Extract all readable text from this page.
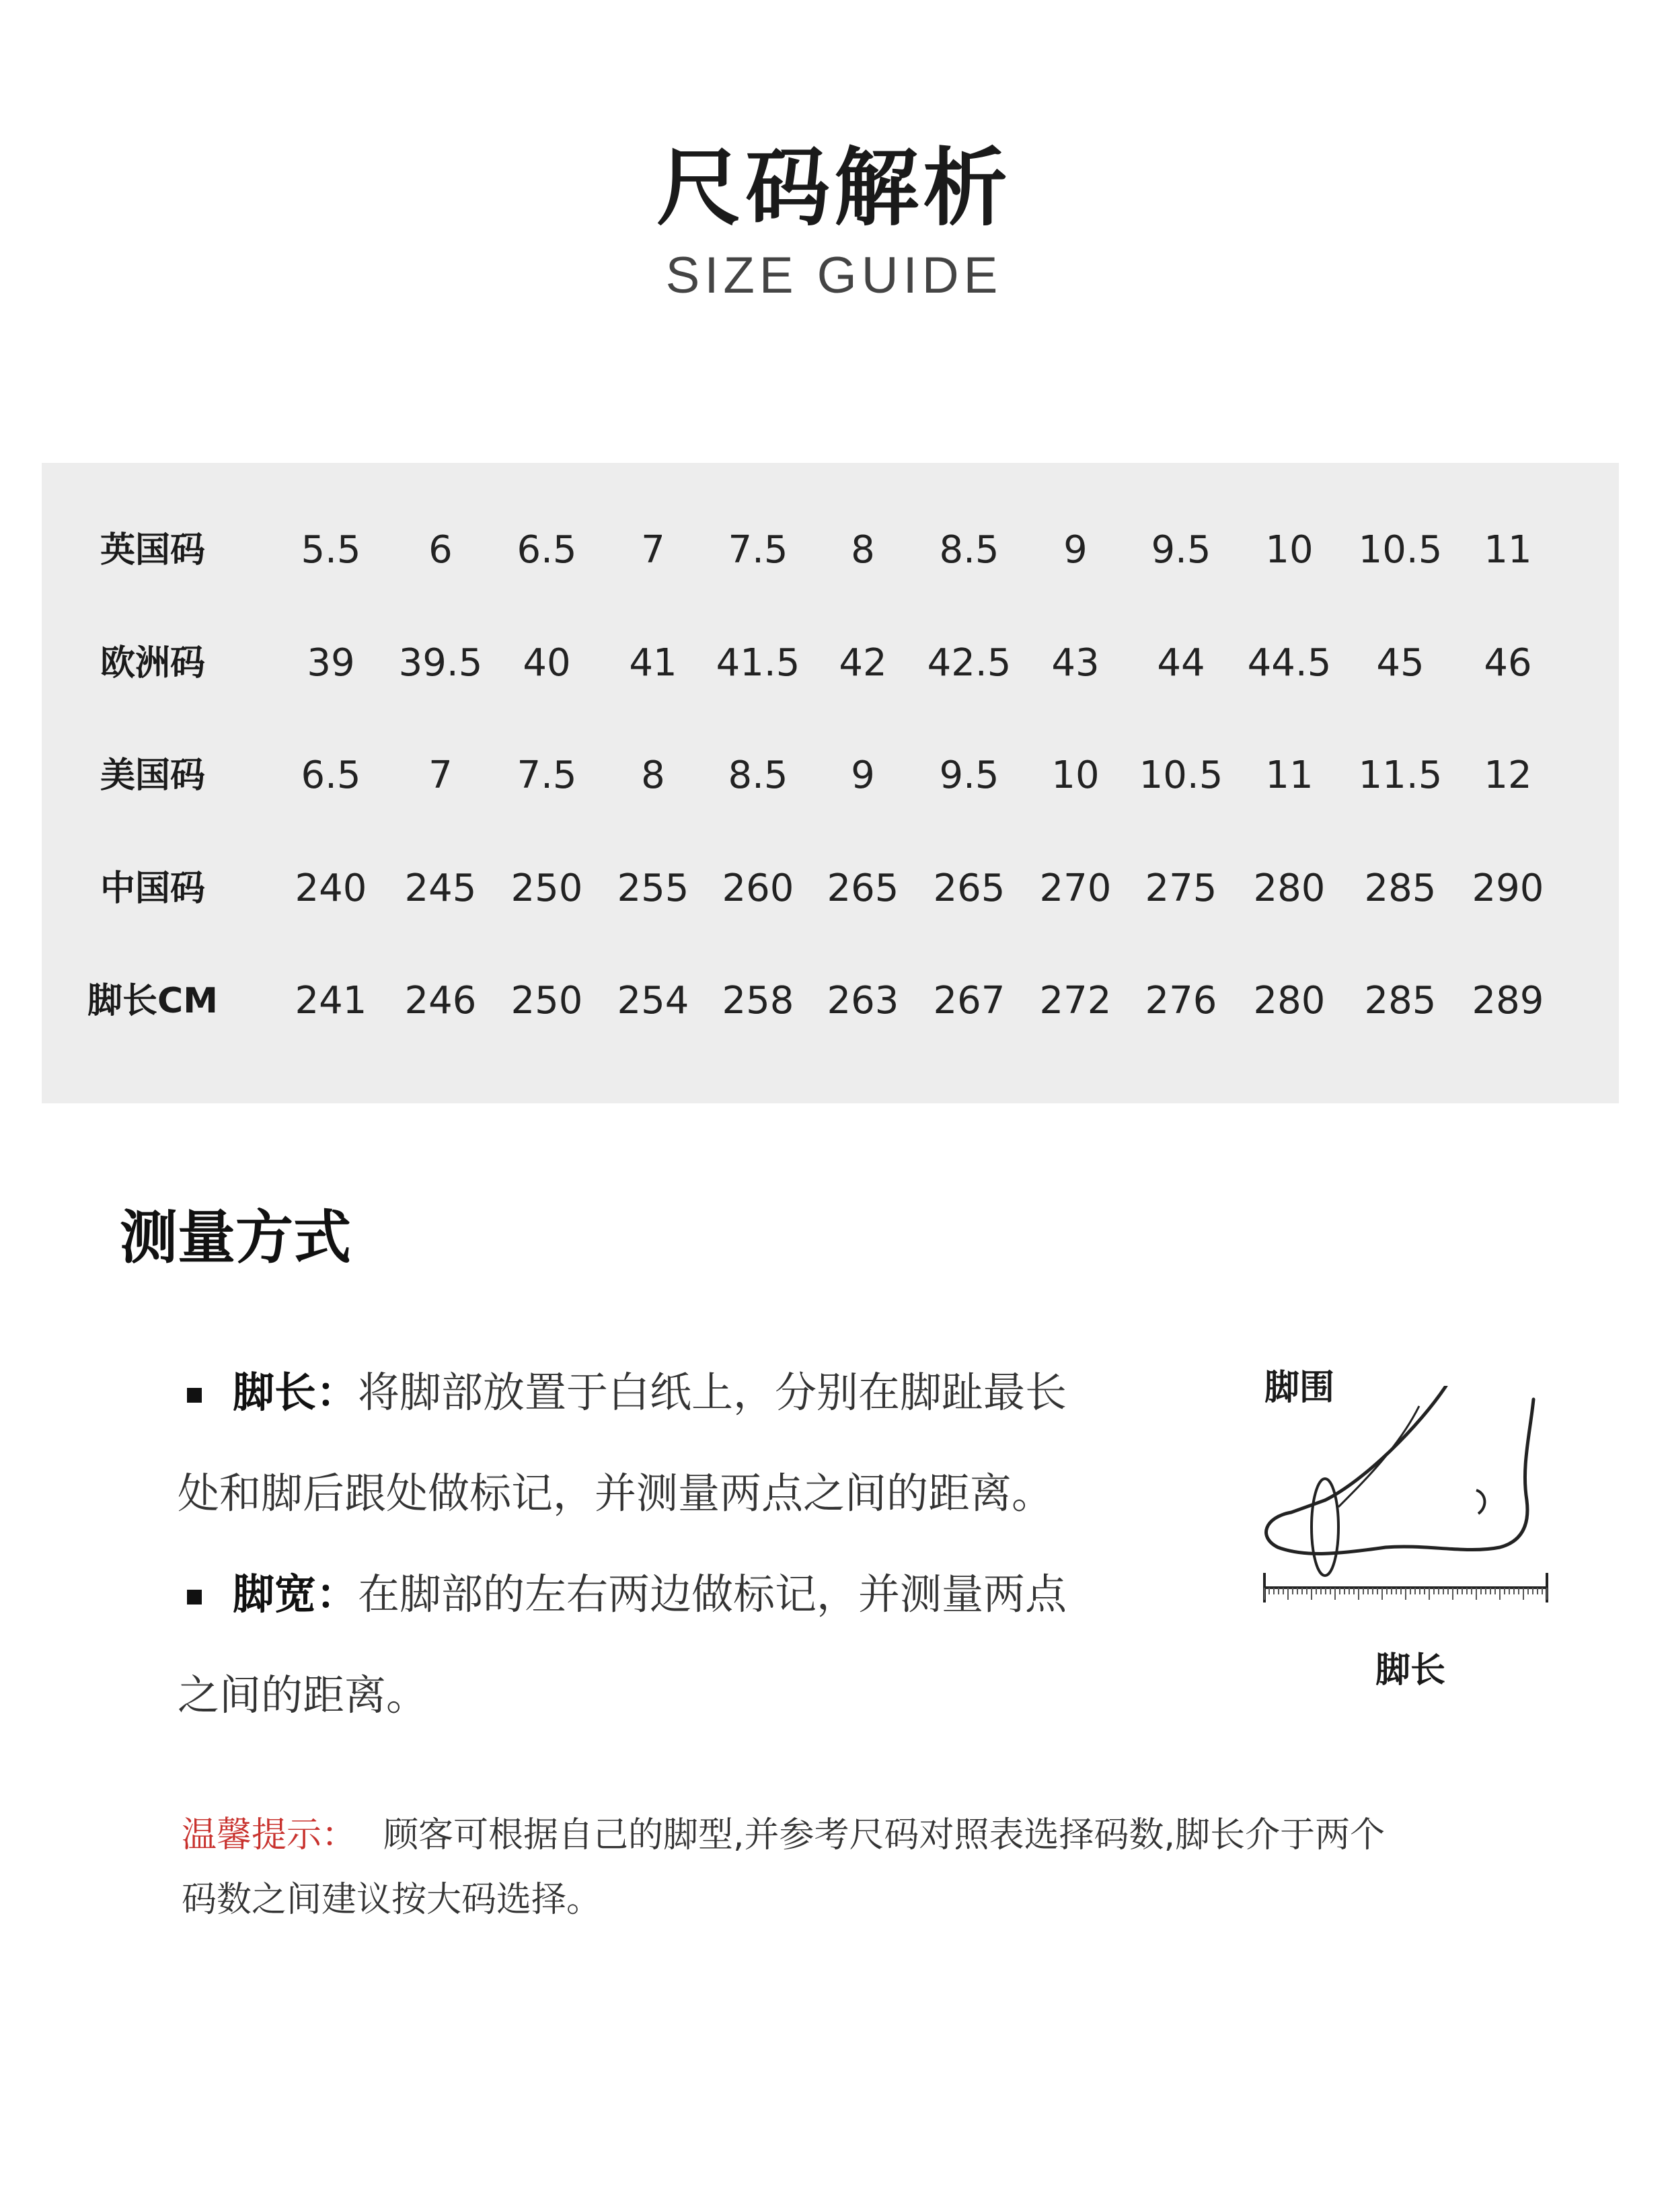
尺码解析
SIZE GUIDE
英国码	5.5	6	6.5	7	7.5	8	8.5	9	9.5	10	10.5	11
欧洲码	39	39.5	40	41	41.5	42	42.5	43	44	44.5	45	46
美国码	6.5	7	7.5	8	8.5	9	9.5	10	10.5	11	11.5	12
中国码	240	245 250 255 260 265 265 270 275 280	285 290
脚长CM	241	246 250 254 258 263 267 272 276 280	285 289
测量方式
脚长：将脚部放置于白纸上，分别在脚趾最长
处和脚后跟处做标记，并测量两点之间的距离。
脚宽：在脚部的左右两边做标记，并测量两点
之间的距离。
脚围
脚长
温馨提示： 顾客可根据自己的脚型,并参考尺码对照表选择码数,脚长介于两个
码数之间建议按大码选择。
